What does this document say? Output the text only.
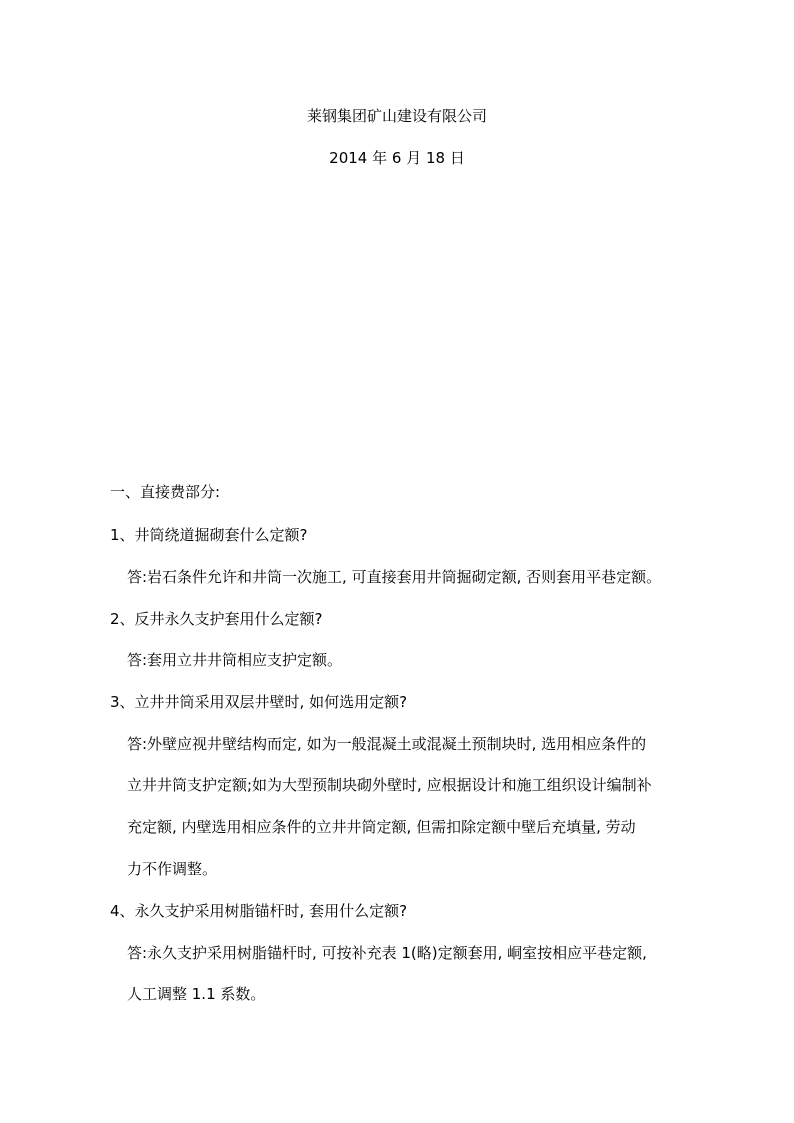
莱钢集团矿山建设有限公司
2014 年 6 月 18 日
一、直接费部分:
1、井筒绕道掘砌套什么定额?
答:岩石条件允许和井筒一次施工, 可直接套用井筒掘砌定额, 否则套用平巷定额。
2、反井永久支护套用什么定额?
答:套用立井井筒相应支护定额。
3、立井井筒采用双层井壁时, 如何选用定额?
答:外壁应视井壁结构而定, 如为一般混凝土或混凝土预制块时, 选用相应条件的
立井井筒支护定额;如为大型预制块砌外壁时, 应根据设计和施工组织设计编制补
充定额, 内壁选用相应条件的立井井筒定额, 但需扣除定额中壁后充填量, 劳动
力不作调整。
4、永久支护采用树脂锚杆时, 套用什么定额?
答:永久支护采用树脂锚杆时, 可按补充表 1(略)定额套用, 峒室按相应平巷定额,
人工调整 1.1 系数。
